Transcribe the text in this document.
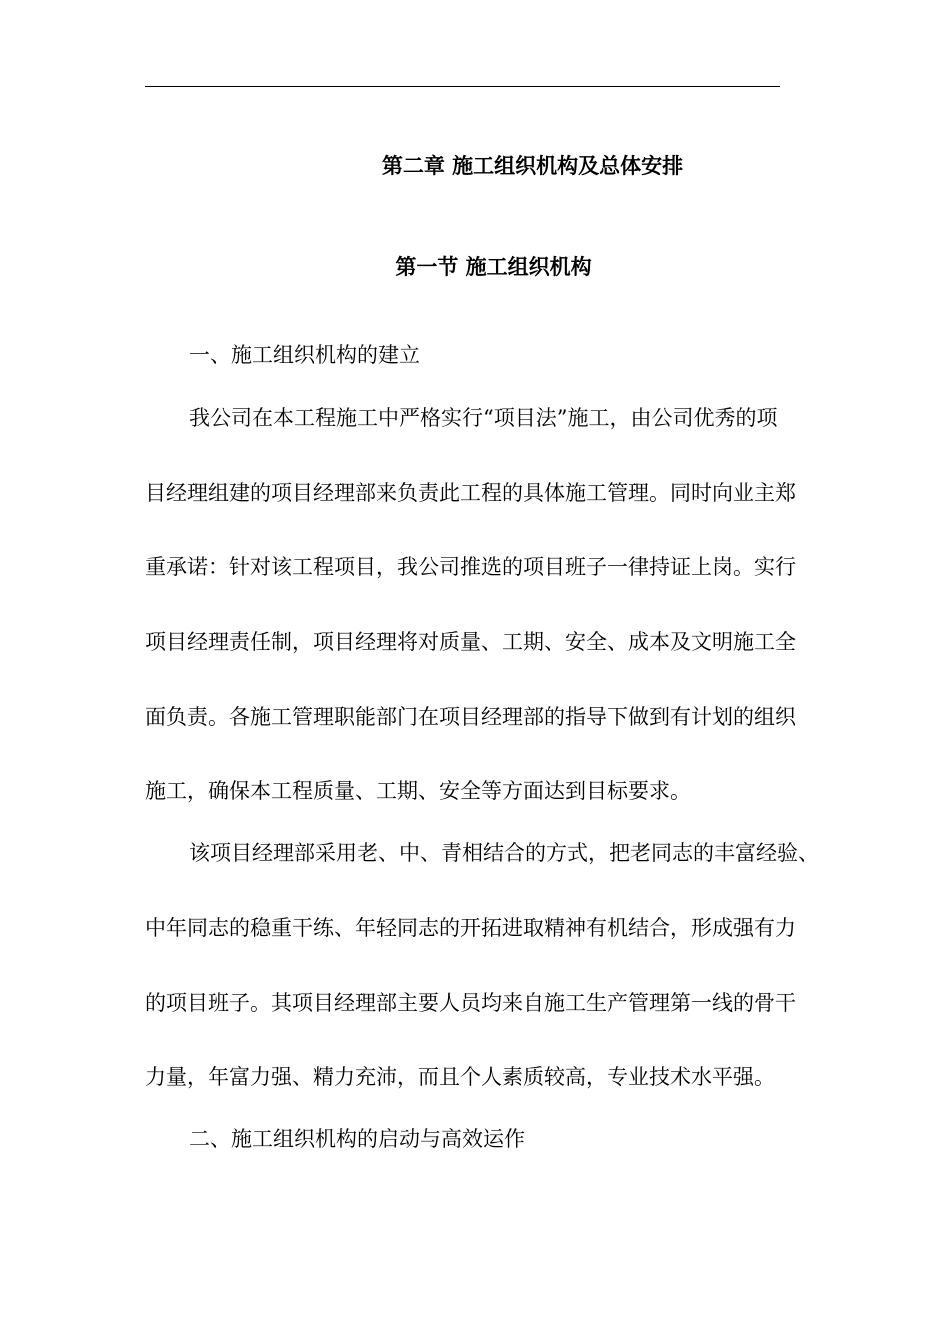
第二章 施工组织机构及总体安排
第一节 施工组织机构
一、施工组织机构的建立
我公司在本工程施工中严格实行“项目法”施工，由公司优秀的项
目经理组建的项目经理部来负责此工程的具体施工管理。同时向业主郑
重承诺：针对该工程项目，我公司推选的项目班子一律持证上岗。实行
项目经理责任制，项目经理将对质量、工期、安全、成本及文明施工全
面负责。各施工管理职能部门在项目经理部的指导下做到有计划的组织
施工，确保本工程质量、工期、安全等方面达到目标要求。
该项目经理部采用老、中、青相结合的方式，把老同志的丰富经验、
中年同志的稳重干练、年轻同志的开拓进取精神有机结合，形成强有力
的项目班子。其项目经理部主要人员均来自施工生产管理第一线的骨干
力量，年富力强、精力充沛，而且个人素质较高，专业技术水平强。
二、施工组织机构的启动与高效运作
